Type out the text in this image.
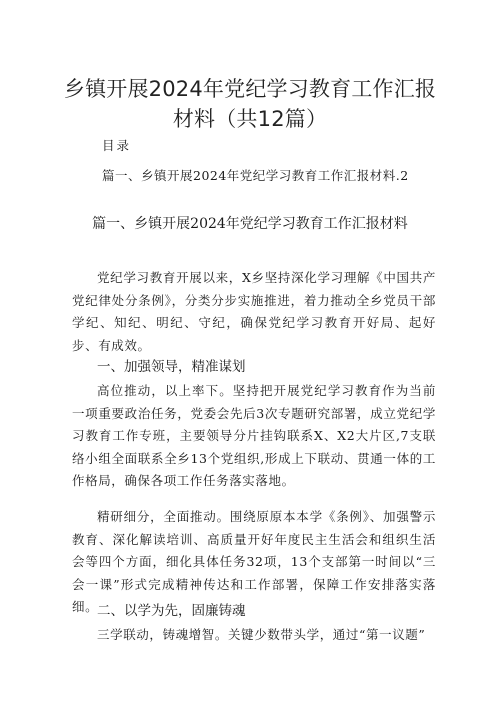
乡镇开展2024年党纪学习教育工作汇报材料（共12篇）
目录
篇一、乡镇开展2024年党纪学习教育工作汇报材料.2
篇一、乡镇开展2024年党纪学习教育工作汇报材料

党纪学习教育开展以来，X乡坚持深化学习理解《中国共产党纪律处分条例》，分类分步实施推进，着力推动全乡党员干部学纪、知纪、明纪、守纪，确保党纪学习教育开好局、起好步、有成效。

一、加强领导，精准谋划

高位推动，以上率下。坚持把开展党纪学习教育作为当前一项重要政治任务，党委会先后3次专题研究部署，成立党纪学习教育工作专班，主要领导分片挂钩联系X、X2大片区,7支联络小组全面联系全乡13个党组织,形成上下联动、贯通一体的工作格局，确保各项工作任务落实落地。

精研细分，全面推动。围绕原原本本学《条例》、加强警示教育、深化解读培训、高质量开好年度民主生活会和组织生活会等四个方面，细化具体任务32项，13个支部第一时间以“三会一课”形式完成精神传达和工作部署，保障工作安排落实落细。

二、以学为先，固廉铸魂

三学联动，铸魂增智。关键少数带头学，通过“第一议题”
